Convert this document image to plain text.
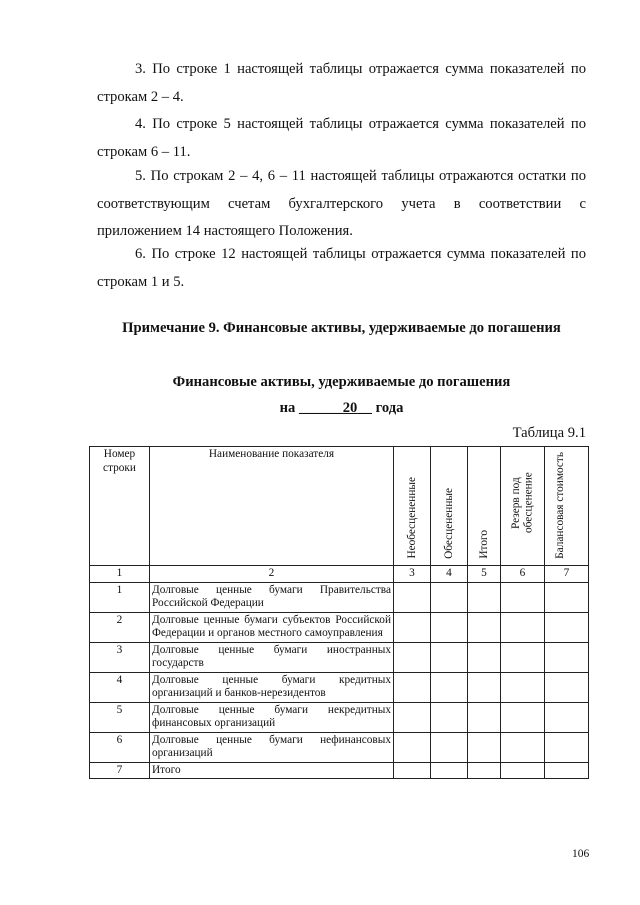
3. По строке 1 настоящей таблицы отражается сумма показателей по строкам 2 – 4.

4. По строке 5 настоящей таблицы отражается сумма показателей по строкам 6 – 11.

5. По строкам 2 – 4, 6 – 11 настоящей таблицы отражаются остатки по соответствующим счетам бухгалтерского учета в соответствии с приложением 14 настоящего Положения.

6. По строке 12 настоящей таблицы отражается сумма показателей по строкам 1 и 5.

Примечание 9. Финансовые активы, удерживаемые до погашения

Финансовые активы, удерживаемые до погашения

на ______20__ года

Таблица 9.1
Номер строки	Наименование показателя	Необесцененные	Обесцененные	Итого	Резерв под обесценение	Балансовая стоимость

1	2	3	4	5	6	7
1	Долговые ценные бумаги Правительства Российской Федерации					
2	Долговые ценные бумаги субъектов Российской Федерации и органов местного самоуправления					
3	Долговые ценные бумаги иностранных государств					
4	Долговые ценные бумаги кредитных организаций и банков-нерезидентов					
5	Долговые ценные бумаги некредитных финансовых организаций					
6	Долговые ценные бумаги нефинансовых организаций					
7	Итого					
106
